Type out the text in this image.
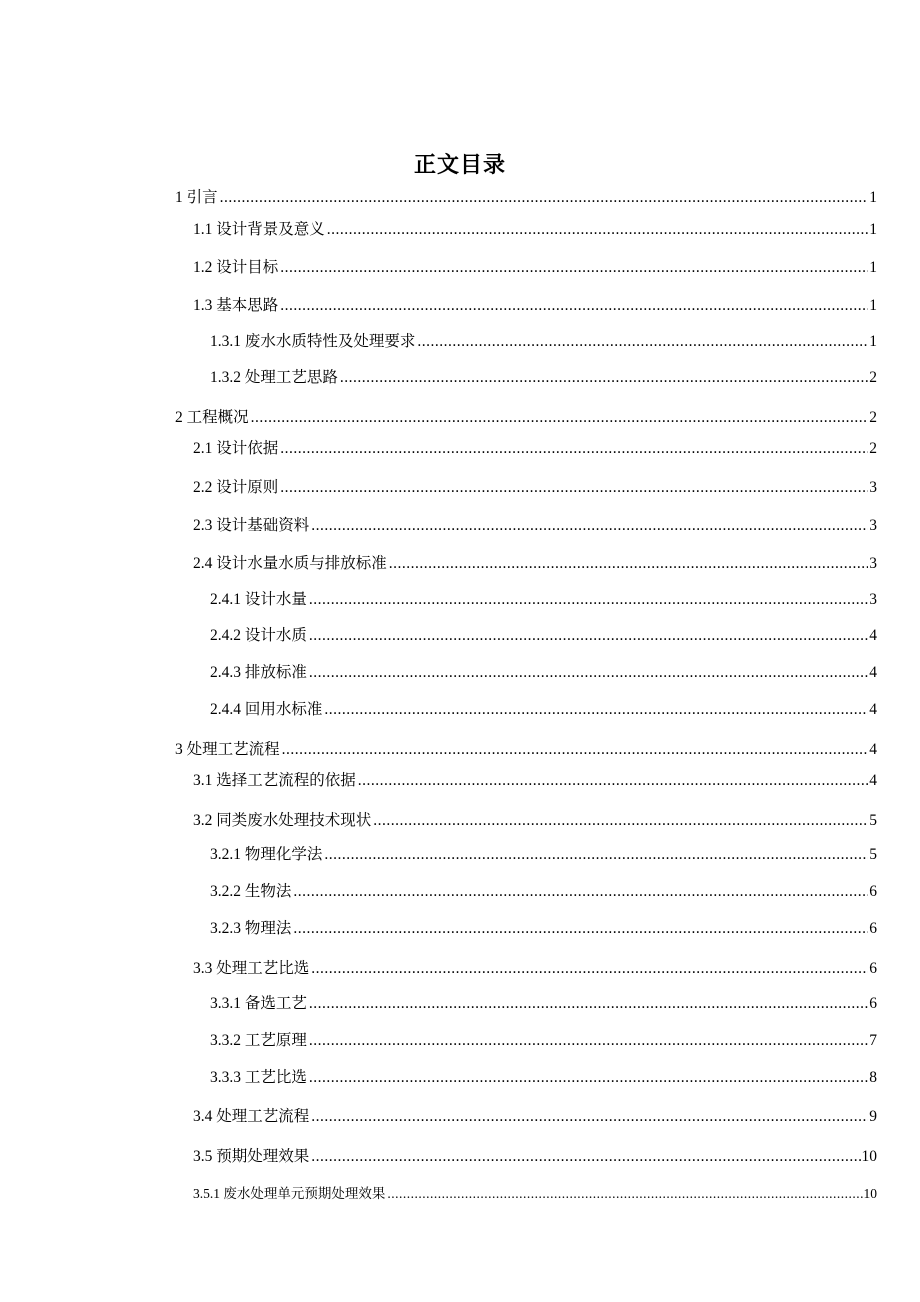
正文目录
1 引言 .....	1
1.1 设计背景及意义 .....	1
1.2 设计目标 .....	1
1.3 基本思路 .....	1
1.3.1 废水水质特性及处理要求 .....	1
1.3.2 处理工艺思路 .....	2
2 工程概况 .....	2
2.1 设计依据 .....	2
2.2 设计原则 .....	3
2.3 设计基础资料 .....	3
2.4 设计水量水质与排放标准 .....	3
2.4.1 设计水量 .....	3
2.4.2 设计水质 .....	4
2.4.3 排放标准 .....	4
2.4.4 回用水标准 .....	4
3 处理工艺流程 .....	4
3.1 选择工艺流程的依据 .....	4
3.2 同类废水处理技术现状 .....	5
3.2.1 物理化学法 .....	5
3.2.2 生物法 .....	6
3.2.3 物理法 .....	6
3.3 处理工艺比选 .....	6
3.3.1 备选工艺 .....	6
3.3.2 工艺原理 .....	7
3.3.3 工艺比选 .....	8
3.4 处理工艺流程 .....	9
3.5 预期处理效果 .....	10
3.5.1 废水处理单元预期处理效果 .....	10
